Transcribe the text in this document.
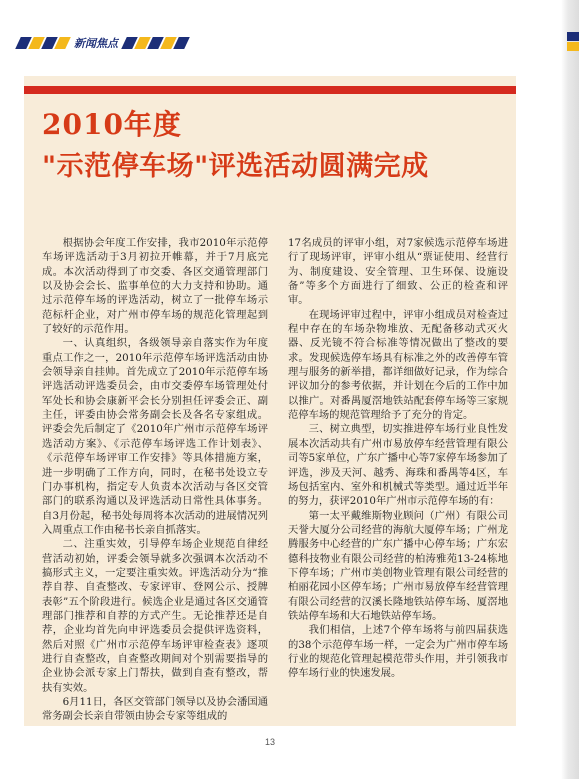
新闻焦点
2010年度
"示范停车场"评选活动圆满完成

根据协会年度工作安排，我市2010年示范停车场评选活动于3月初拉开帷幕，并于7月底完成。本次活动得到了市交委、各区交通管理部门以及协会会长、监事单位的大力支持和协助。通过示范停车场的评选活动，树立了一批停车场示范标杆企业，对广州市停车场的规范化管理起到了较好的示范作用。

一、认真组织，各级领导亲自落实作为年度重点工作之一，2010年示范停车场评选活动由协会领导亲自挂帅。首先成立了2010年示范停车场评选活动评选委员会，由市交委停车场管理处付军处长和协会康新平会长分别担任评委会正、副主任，评委由协会常务副会长及各名专家组成。评委会先后制定了《2010年广州市示范停车场评选活动方案》、《示范停车场评选工作计划表》、《示范停车场评审工作安排》等具体措施方案，进一步明确了工作方向，同时，在秘书处设立专门办事机构，指定专人负责本次活动与各区交管部门的联系沟通以及评选活动日常性具体事务。自3月份起，秘书处每周将本次活动的进展情况列入周重点工作由秘书长亲自抓落实。

二、注重实效，引导停车场企业规范自律经营活动初始，评委会领导就多次强调本次活动不搞形式主义，一定要注重实效。评选活动分为“推荐自荐、自查整改、专家评审、登网公示、授牌表彰”五个阶段进行。候选企业是通过各区交通管理部门推荐和自荐的方式产生。无论推荐还是自荐，企业均首先向申评选委员会提供评选资料，然后对照《广州市示范停车场评审检查表》逐项进行自查整改，自查整改期间对个别需要指导的企业协会派专家上门帮扶，做到自查有整改，帮扶有实效。

6月11日，各区交管部门领导以及协会潘国通常务副会长亲自带领由协会专家等组成的

17名成员的评审小组，对7家候选示范停车场进行了现场评审，评审小组从“票证使用、经营行为、制度建设、安全管理、卫生环保、设施设备”等多个方面进行了细致、公正的检查和评审。

在现场评审过程中，评审小组成员对检查过程中存在的车场杂物堆放、无配备移动式灭火器、反光镜不符合标准等情况做出了整改的要求。发现候选停车场具有标准之外的改善停车管理与服务的新举措，都详细做好记录，作为综合评议加分的参考依据，并计划在今后的工作中加以推广。对番禺厦滘地铁站配套停车场等三家规范停车场的规范管理给予了充分的肯定。

三、树立典型，切实推进停车场行业良性发展本次活动共有广州市易放停车经营管理有限公司等5家单位，广东广播中心等7家停车场参加了评选，涉及天河、越秀、海珠和番禺等4区，车场包括室内、室外和机械式等类型。通过近半年的努力，获评2010年广州市示范停车场的有：

第一太平戴维斯物业顾问（广州）有限公司天誉大厦分公司经营的海航大厦停车场；广州龙腾服务中心经营的广东广播中心停车场；广东宏德科技物业有限公司经营的柏涛雅苑13-24栋地下停车场；广州市美创物业管理有限公司经营的柏丽花园小区停车场；广州市易放停车经营管理有限公司经营的汉溪长隆地铁站停车场、厦滘地铁站停车场和大石地铁站停车场。

我们相信，上述7个停车场将与前四届获选的38个示范停车场一样，一定会为广州市停车场行业的规范化管理起模范带头作用，并引领我市停车场行业的快速发展。

13
